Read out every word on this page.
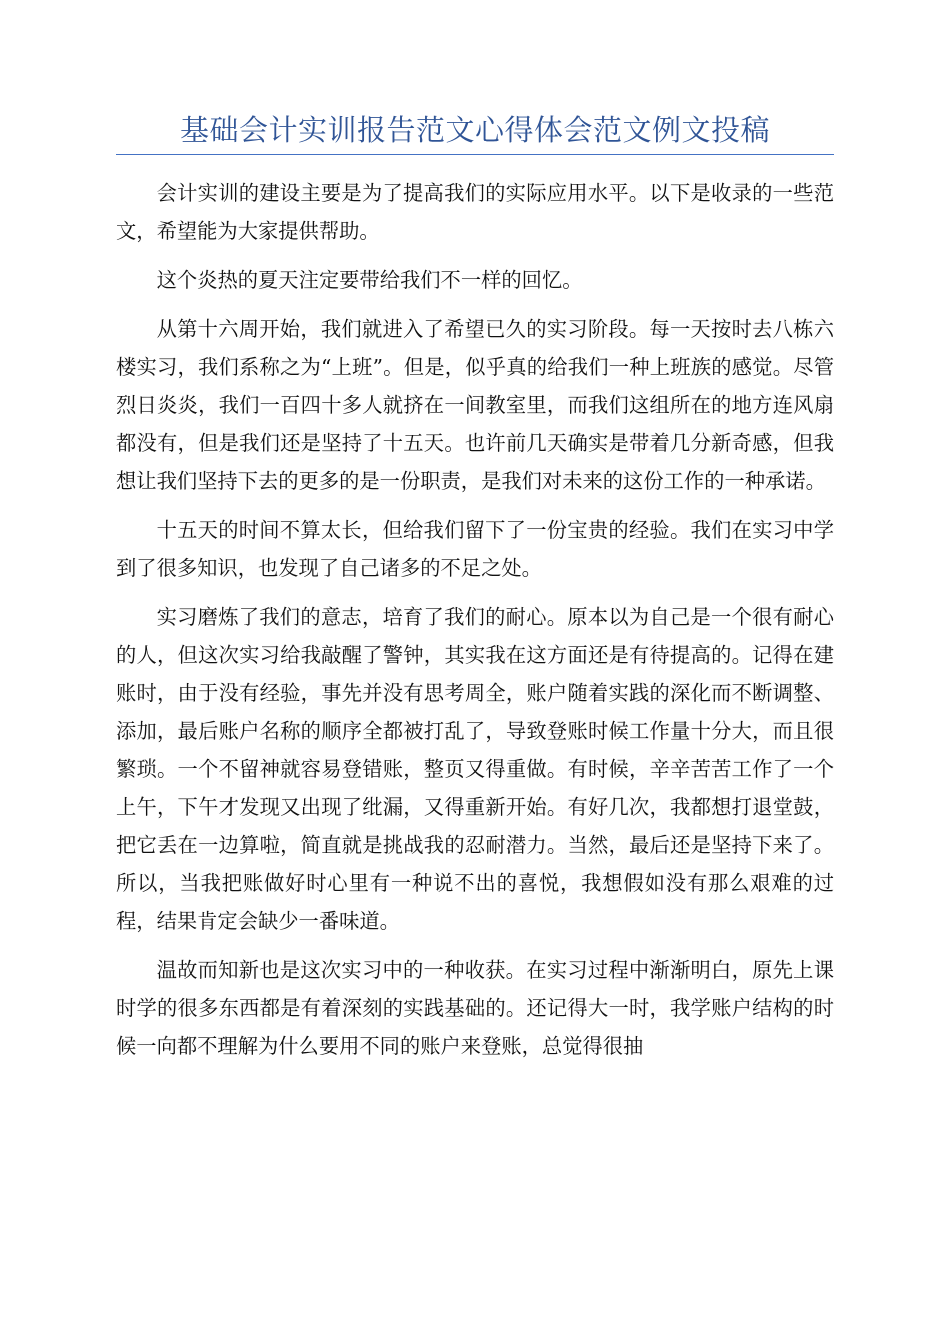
基础会计实训报告范文心得体会范文例文投稿

会计实训的建设主要是为了提高我们的实际应用水平。以下是收录的一些范文，希望能为大家提供帮助。

这个炎热的夏天注定要带给我们不一样的回忆。

从第十六周开始，我们就进入了希望已久的实习阶段。每一天按时去八栋六楼实习，我们系称之为“上班”。但是，似乎真的给我们一种上班族的感觉。尽管烈日炎炎，我们一百四十多人就挤在一间教室里，而我们这组所在的地方连风扇都没有，但是我们还是坚持了十五天。也许前几天确实是带着几分新奇感，但我想让我们坚持下去的更多的是一份职责，是我们对未来的这份工作的一种承诺。

十五天的时间不算太长，但给我们留下了一份宝贵的经验。我们在实习中学到了很多知识，也发现了自己诸多的不足之处。

实习磨炼了我们的意志，培育了我们的耐心。原本以为自己是一个很有耐心的人，但这次实习给我敲醒了警钟，其实我在这方面还是有待提高的。记得在建账时，由于没有经验，事先并没有思考周全，账户随着实践的深化而不断调整、添加，最后账户名称的顺序全都被打乱了，导致登账时候工作量十分大，而且很繁琐。一个不留神就容易登错账，整页又得重做。有时候，辛辛苦苦工作了一个上午，下午才发现又出现了纰漏，又得重新开始。有好几次，我都想打退堂鼓，把它丢在一边算啦，简直就是挑战我的忍耐潜力。当然，最后还是坚持下来了。所以，当我把账做好时心里有一种说不出的喜悦，我想假如没有那么艰难的过程，结果肯定会缺少一番味道。

温故而知新也是这次实习中的一种收获。在实习过程中渐渐明白，原先上课时学的很多东西都是有着深刻的实践基础的。还记得大一时，我学账户结构的时候一向都不理解为什么要用不同的账户来登账，总觉得很抽
